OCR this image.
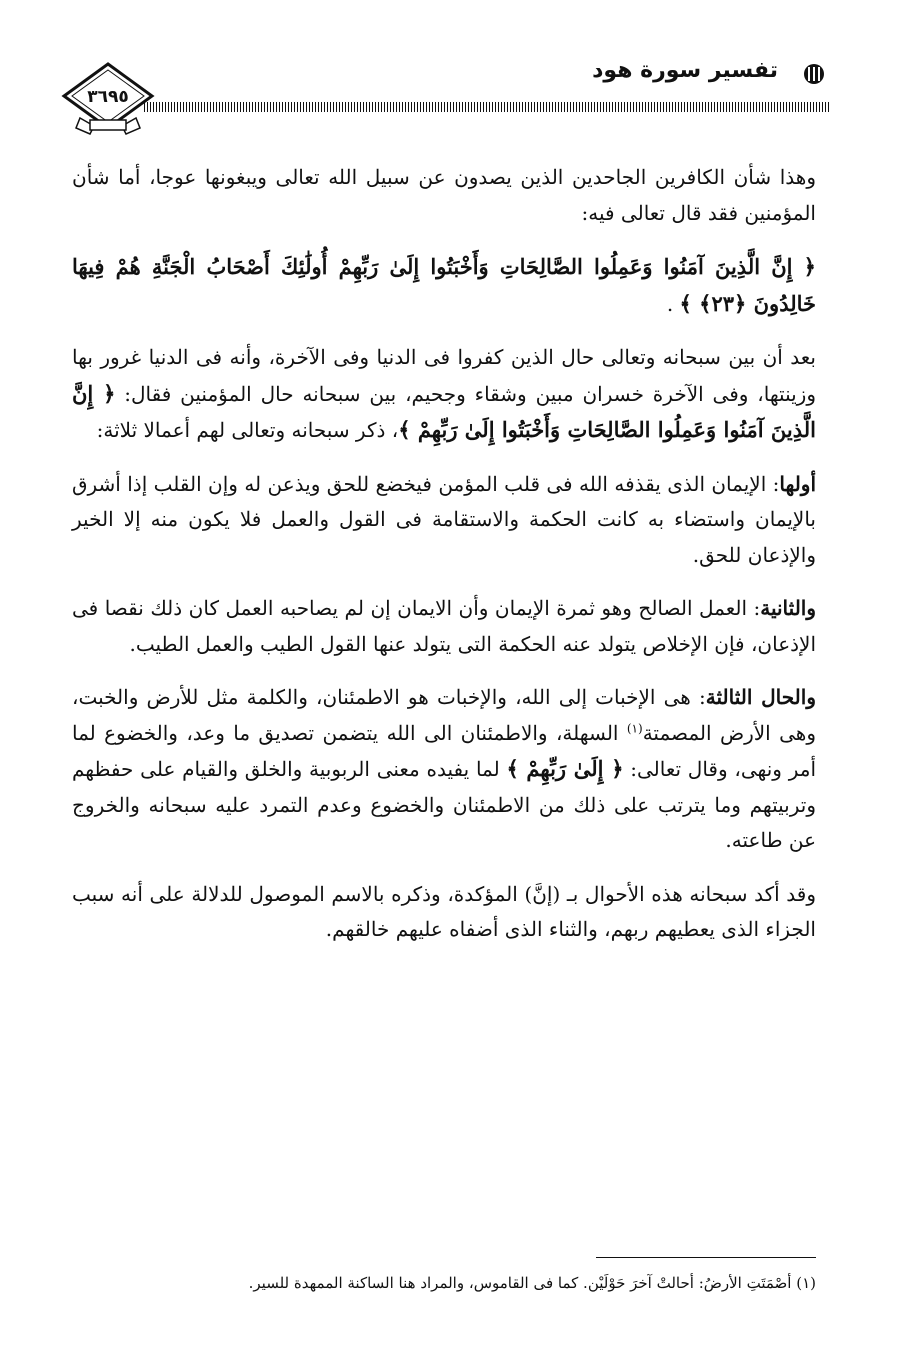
تفسير سورة هود
٣٦٩٥

وهذا شأن الكافرين الجاحدين الذين يصدون عن سبيل الله تعالى ويبغونها عوجا، أما شأن المؤمنين فقد قال تعالى فيه:

﴿ إِنَّ الَّذِينَ آمَنُوا وَعَمِلُوا الصَّالِحَاتِ وَأَخْبَتُوا إِلَىٰ رَبِّهِمْ أُولَٰئِكَ أَصْحَابُ الْجَنَّةِ هُمْ فِيهَا خَالِدُونَ ﴿٢٣﴾ ﴾ .

بعد أن بين سبحانه وتعالى حال الذين كفروا فى الدنيا وفى الآخرة، وأنه فى الدنيا غرور بها وزينتها، وفى الآخرة خسران مبين وشقاء وجحيم، بين سبحانه حال المؤمنين فقال: ﴿ إِنَّ الَّذِينَ آمَنُوا وَعَمِلُوا الصَّالِحَاتِ وَأَخْبَتُوا إِلَىٰ رَبِّهِمْ ﴾، ذكر سبحانه وتعالى لهم أعمالا ثلاثة:

أولها: الإيمان الذى يقذفه الله فى قلب المؤمن فيخضع للحق ويذعن له وإن القلب إذا أشرق بالإيمان واستضاء به كانت الحكمة والاستقامة فى القول والعمل فلا يكون منه إلا الخير والإذعان للحق.

والثانية: العمل الصالح وهو ثمرة الإيمان وأن الايمان إن لم يصاحبه العمل كان ذلك نقصا فى الإذعان، فإن الإخلاص يتولد عنه الحكمة التى يتولد عنها القول الطيب والعمل الطيب.

والحال الثالثة: هى الإخبات إلى الله، والإخبات هو الاطمئنان، والكلمة مثل للأرض والخبت، وهى الأرض المصمتة$^{(١)}$ السهلة، والاطمئنان الى الله يتضمن تصديق ما وعد، والخضوع لما أمر ونهى، وقال تعالى: ﴿ إِلَىٰ رَبِّهِمْ ﴾ لما يفيده معنى الربوبية والخلق والقيام على حفظهم وتربيتهم وما يترتب على ذلك من الاطمئنان والخضوع وعدم التمرد عليه سبحانه والخروج عن طاعته.

وقد أكد سبحانه هذه الأحوال بـ (إنَّ) المؤكدة، وذكره بالاسم الموصول للدلالة على أنه سبب الجزاء الذى يعطيهم ربهم، والثناء الذى أضفاه عليهم خالقهم.

(١) أصْمَتَتِ الأرضُ: أحالتْ آخرَ حَوْلَيْن. كما فى القاموس، والمراد هنا الساكنة الممهدة للسير.
